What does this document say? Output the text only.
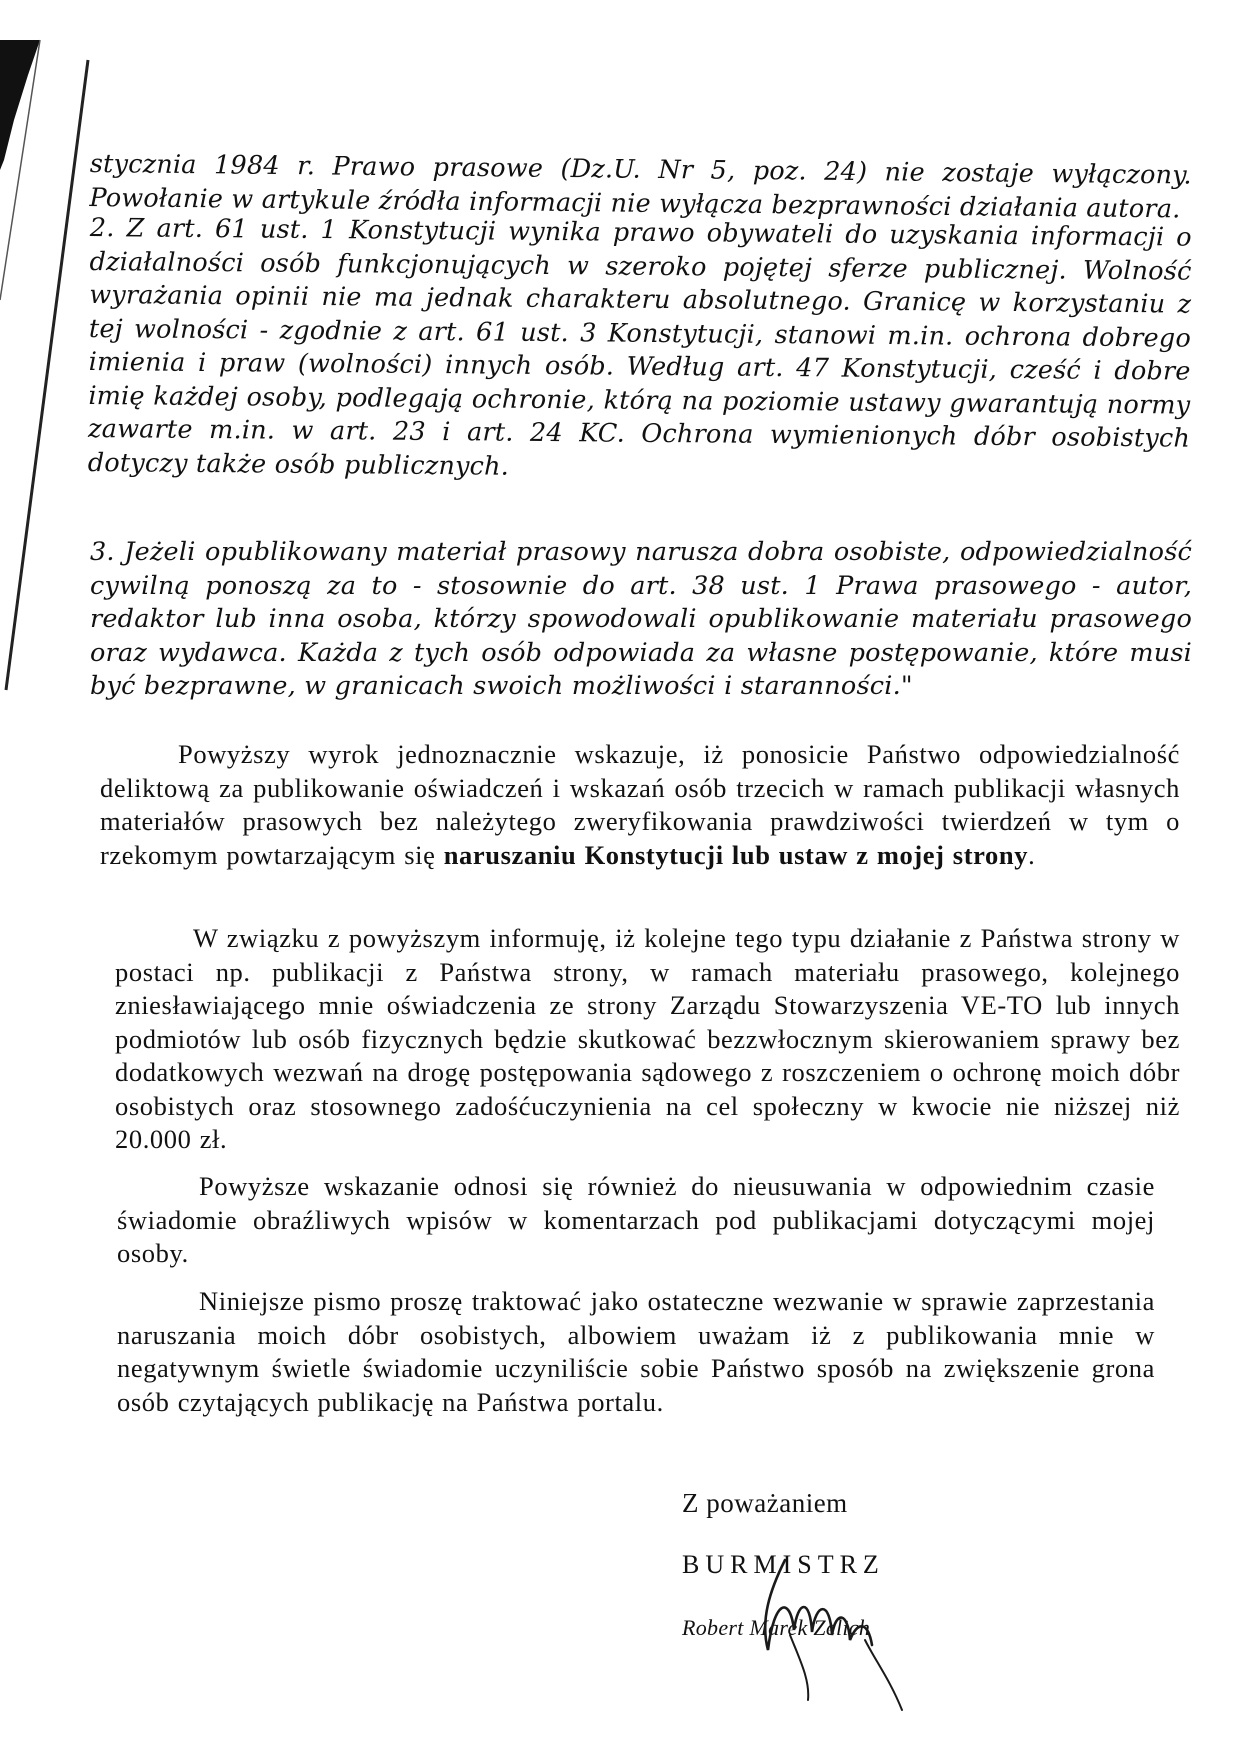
stycznia 1984 r. Prawo prasowe (Dz.U. Nr 5, poz. 24) nie zostaje wyłączony. Powołanie w artykule źródła informacji nie wyłącza bezprawności działania autora.

2. Z art. 61 ust. 1 Konstytucji wynika prawo obywateli do uzyskania informacji o działalności osób funkcjonujących w szeroko pojętej sferze publicznej. Wolność wyrażania opinii nie ma jednak charakteru absolutnego. Granicę w korzystaniu z tej wolności - zgodnie z art. 61 ust. 3 Konstytucji, stanowi m.in. ochrona dobrego imienia i praw (wolności) innych osób. Według art. 47 Konstytucji, cześć i dobre imię każdej osoby, podlegają ochronie, którą na poziomie ustawy gwarantują normy zawarte m.in. w art. 23 i art. 24 KC. Ochrona wymienionych dóbr osobistych dotyczy także osób publicznych.

3. Jeżeli opublikowany materiał prasowy narusza dobra osobiste, odpowiedzialność cywilną ponoszą za to - stosownie do art. 38 ust. 1 Prawa prasowego - autor, redaktor lub inna osoba, którzy spowodowali opublikowanie materiału prasowego oraz wydawca. Każda z tych osób odpowiada za własne postępowanie, które musi być bezprawne, w granicach swoich możliwości i staranności."

Powyższy wyrok jednoznacznie wskazuje, iż ponosicie Państwo odpowiedzialność deliktową za publikowanie oświadczeń i wskazań osób trzecich w ramach publikacji własnych materiałów prasowych bez należytego zweryfikowania prawdziwości twierdzeń w tym o rzekomym powtarzającym się naruszaniu Konstytucji lub ustaw z mojej strony.

W związku z powyższym informuję, iż kolejne tego typu działanie z Państwa strony w postaci np. publikacji z Państwa strony, w ramach materiału prasowego, kolejnego zniesławiającego mnie oświadczenia ze strony Zarządu Stowarzyszenia VE-TO lub innych podmiotów lub osób fizycznych będzie skutkować bezzwłocznym skierowaniem sprawy bez dodatkowych wezwań na drogę postępowania sądowego z roszczeniem o ochronę moich dóbr osobistych oraz stosownego zadośćuczynienia na cel społeczny w kwocie nie niższej niż 20.000 zł.

Powyższe wskazanie odnosi się również do nieusuwania w odpowiednim czasie świadomie obraźliwych wpisów w komentarzach pod publikacjami dotyczącymi mojej osoby.

Niniejsze pismo proszę traktować jako ostateczne wezwanie w sprawie zaprzestania naruszania moich dóbr osobistych, albowiem uważam iż z publikowania mnie w negatywnym świetle świadomie uczyniliście sobie Państwo sposób na zwiększenie grona osób czytających publikację na Państwa portalu.

Z poważaniem
BURMISTRZ
Robert Marek Zelich
